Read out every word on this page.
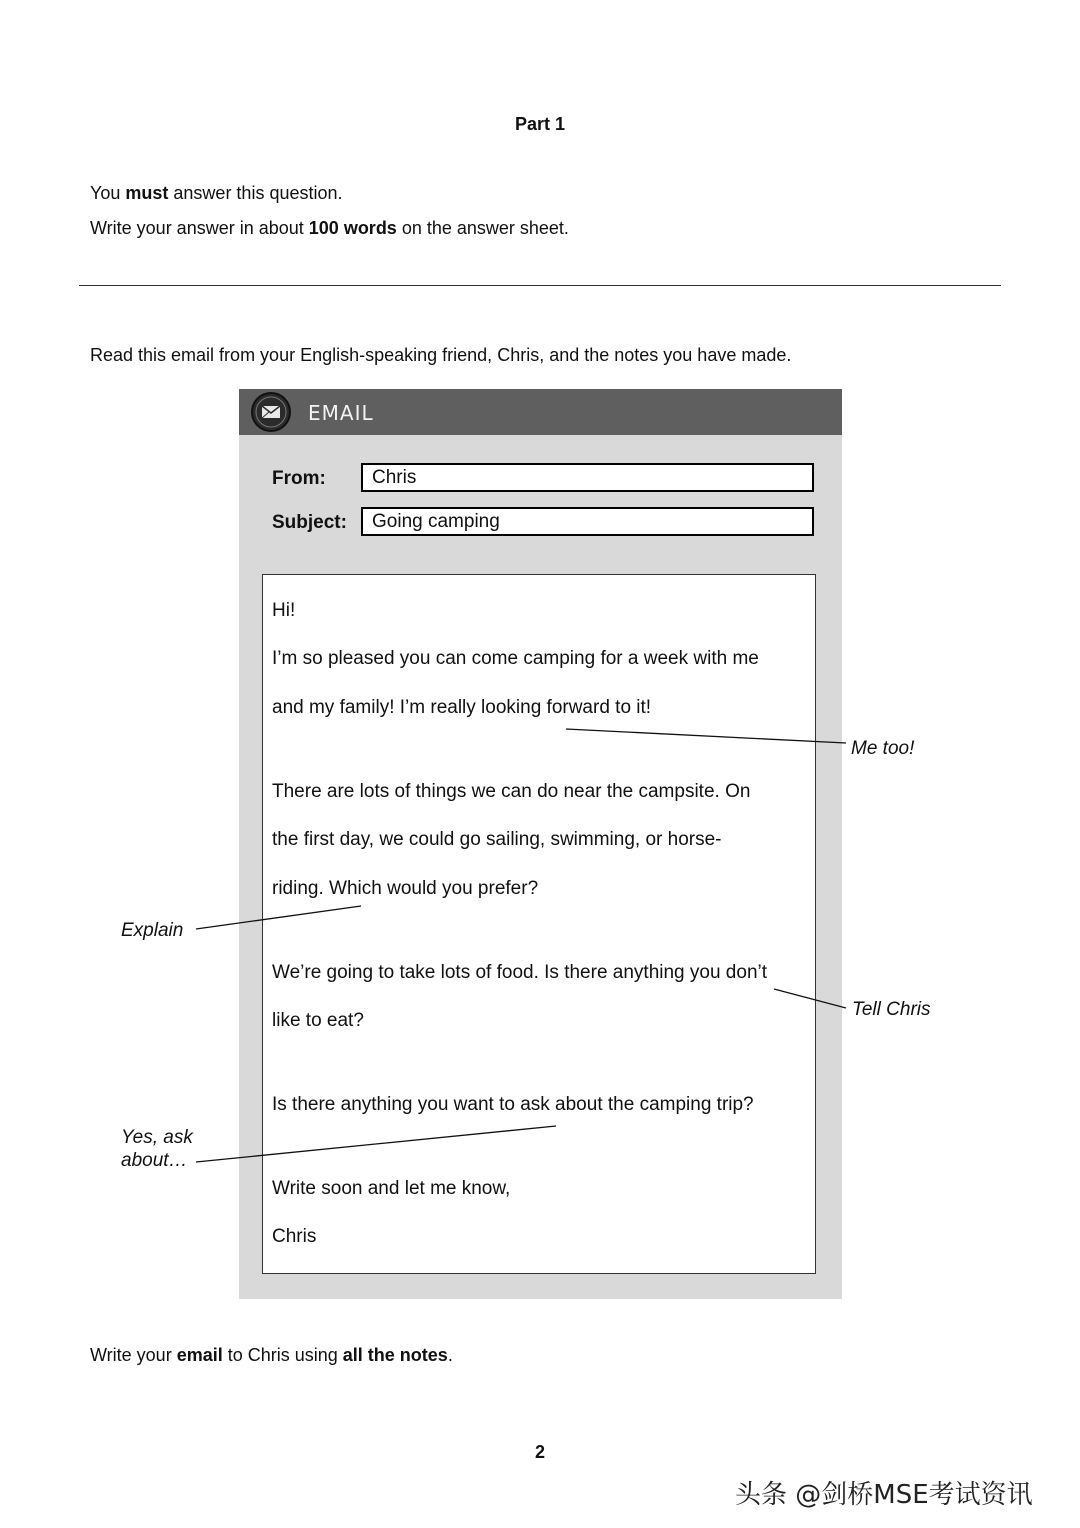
Part 1
You must answer this question.
Write your answer in about 100 words on the answer sheet.
Read this email from your English-speaking friend, Chris, and the notes you have made.
EMAIL
From:	Chris
Subject:	Going camping
Hi!
I’m so pleased you can come camping for a week with me
and my family! I’m really looking forward to it!
There are lots of things we can do near the campsite. On
the first day, we could go sailing, swimming, or horse-
riding. Which would you prefer?
We’re going to take lots of food. Is there anything you don’t
like to eat?
Is there anything you want to ask about the camping trip?
Write soon and let me know,
Chris
Me too!
Explain
Tell Chris
Yes, ask
about…
Write your email to Chris using all the notes.
2
头条 @剑桥MSE考试资讯
